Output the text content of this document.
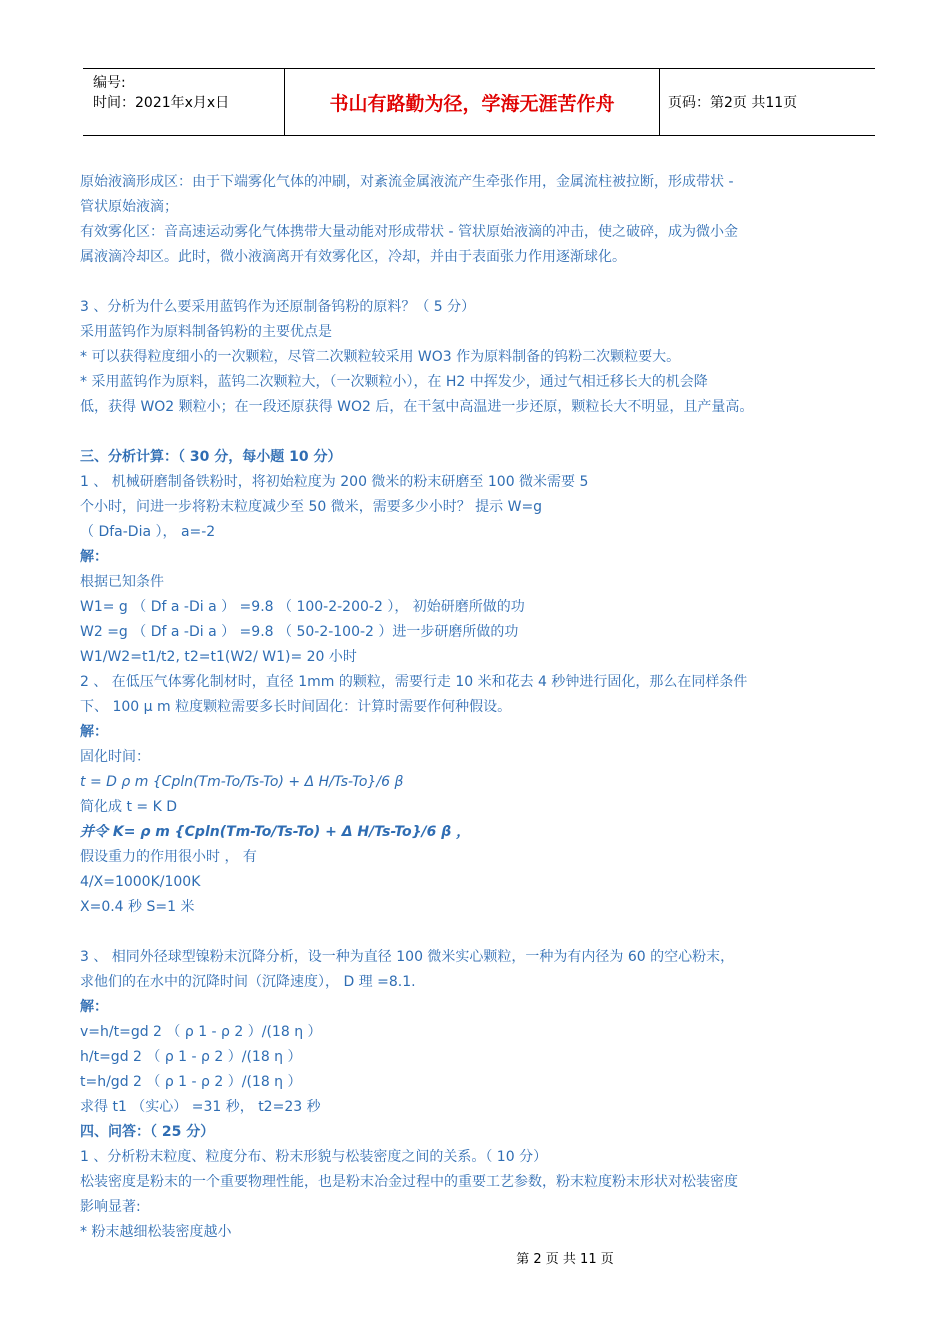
编号:
时间：2021年x月x日	书山有路勤为径，学海无涯苦作舟	页码：第2页 共11页
原始液滴形成区：由于下端雾化气体的冲刷，对紊流金属液流产生牵张作用，金属流柱被拉断，形成带状 -
管状原始液滴；
有效雾化区：音高速运动雾化气体携带大量动能对形成带状 - 管状原始液滴的冲击，使之破碎，成为微小金
属液滴冷却区。此时，微小液滴离开有效雾化区，冷却，并由于表面张力作用逐渐球化。
3 、分析为什么要采用蓝钨作为还原制备钨粉的原料？（ 5 分）
采用蓝钨作为原料制备钨粉的主要优点是
* 可以获得粒度细小的一次颗粒，尽管二次颗粒较采用 WO3 作为原料制备的钨粉二次颗粒要大。
* 采用蓝钨作为原料，蓝钨二次颗粒大，（一次颗粒小），在 H2 中挥发少，通过气相迁移长大的机会降
低，获得 WO2 颗粒小；在一段还原获得 WO2 后，在干氢中高温进一步还原，颗粒长大不明显，且产量高。
三、分析计算：（ 30 分，每小题 10 分）
1 、 机械研磨制备铁粉时，将初始粒度为 200 微米的粉末研磨至 100 微米需要 5
个小时，问进一步将粉末粒度减少至 50 微米，需要多少小时？ 提示 W=g
（ Dfa-Dia ）， a=-2
解：
根据已知条件
W1= g （ Df a -Di a ） =9.8 （ 100-2-200-2 ）， 初始研磨所做的功
W2 =g （ Df a -Di a ） =9.8 （ 50-2-100-2 ）进一步研磨所做的功
W1/W2=t1/t2, t2=t1(W2/ W1)= 20 小时
2 、 在低压气体雾化制材时，直径 1mm 的颗粒，需要行走 10 米和花去 4 秒钟进行固化，那么在同样条件
下、 100 μ m 粒度颗粒需要多长时间固化：计算时需要作何种假设。
解：
固化时间：
t = D ρ m {Cpln(Tm-To/Ts-To) + Δ H/Ts-To}/6 β
简化成 t = K D
并令 K= ρ m {Cpln(Tm-To/Ts-To) + Δ H/Ts-To}/6 β ，
假设重力的作用很小时 ， 有
4/X=1000K/100K
X=0.4 秒 S=1 米
3 、 相同外径球型镍粉末沉降分析，设一种为直径 100 微米实心颗粒，一种为有内径为 60 的空心粉末，
求他们的在水中的沉降时间（沉降速度）， D 理 =8.1.
解：
v=h/t=gd 2 （ ρ 1 - ρ 2 ）/(18 η ）
h/t=gd 2 （ ρ 1 - ρ 2 ）/(18 η ）
t=h/gd 2 （ ρ 1 - ρ 2 ）/(18 η ）
求得 t1 （实心） =31 秒， t2=23 秒
四、问答：（ 25 分）
1 、分析粉末粒度、粒度分布、粉末形貌与松装密度之间的关系。（ 10 分）
松装密度是粉末的一个重要物理性能，也是粉末冶金过程中的重要工艺参数，粉末粒度粉末形状对松装密度
影响显著:
* 粉末越细松装密度越小
第 2 页 共 11 页
